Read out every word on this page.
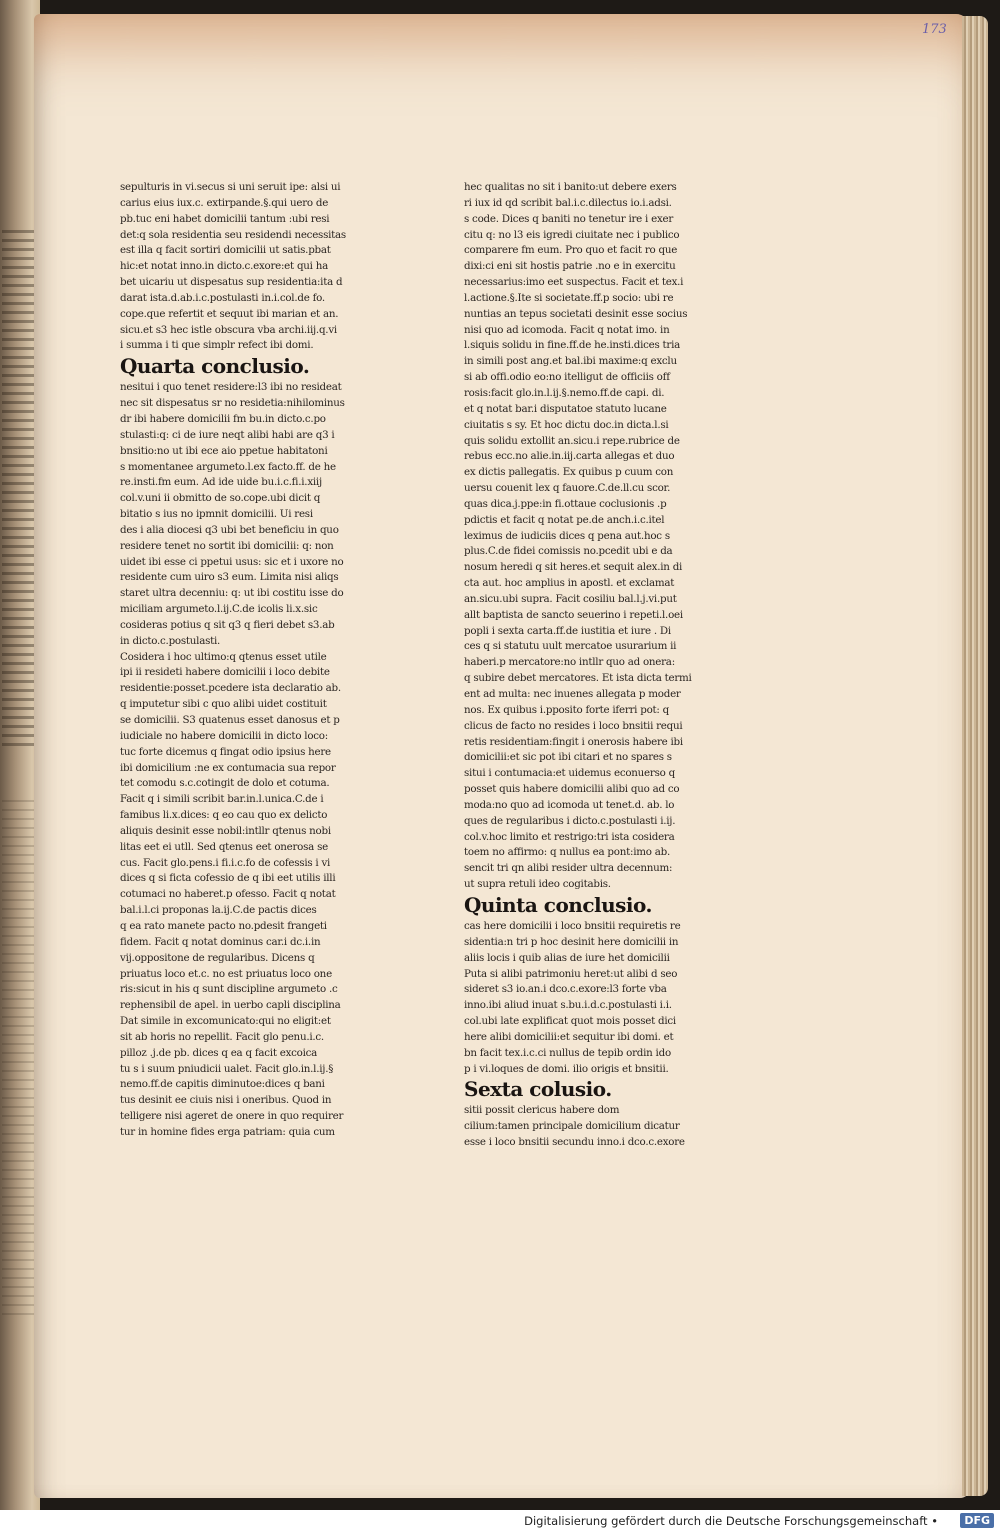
173
sepulturis in vi.secus si uni seruit ipe: alsi ui
carius eius iux.c. extirpande.§.qui uero de
pb.tuc eni habet domicilii tantum :ubi resi
det:q sola residentia seu residendi necessitas
est illa q facit sortiri domicilii ut satis.pbat
hic:et notat inno.in dicto.c.exore:et qui ha
bet uicariu ut dispesatus sup residentia:ita d
darat ista.d.ab.i.c.postulasti in.i.col.de fo.
cope.que refertit et sequut ibi marian et an.
sicu.et s3 hec istle obscura vba archi.iij.q.vi
i summa i ti que simplr refect ibi domi.
Quarta conclusio.
nesitui i quo tenet residere:l3 ibi no resideat
nec sit dispesatus sr no residetia:nihilominus
dr ibi habere domicilii fm bu.in dicto.c.po
stulasti:q: ci de iure neqt alibi habi are q3 i
bnsitio:no ut ibi ece aio ppetue habitatoni
s momentanee argumeto.l.ex facto.ff. de he
re.insti.fm eum. Ad ide uide bu.i.c.fi.i.xiij
col.v.uni ii obmitto de so.cope.ubi dicit q
bitatio s ius no ipmnit domicilii. Ui resi
des i alia diocesi q3 ubi bet beneficiu in quo
residere tenet no sortit ibi domicilii: q: non
uidet ibi esse ci ppetui usus: sic et i uxore no
residente cum uiro s3 eum. Limita nisi aliqs
staret ultra decenniu: q: ut ibi costitu isse do
miciliam argumeto.l.ij.C.de icolis li.x.sic
cosideras potius q sit q3 q fieri debet s3.ab
in dicto.c.postulasti.
Cosidera i hoc ultimo:q qtenus esset utile
ipi ii resideti habere domicilii i loco debite
residentie:posset.pcedere ista declaratio ab.
q imputetur sibi c quo alibi uidet costituit
se domicilii. S3 quatenus esset danosus et p
iudiciale no habere domicilii in dicto loco:
tuc forte dicemus q fingat odio ipsius here
ibi domicilium :ne ex contumacia sua repor
tet comodu s.c.cotingit de dolo et cotuma.
Facit q i simili scribit bar.in.l.unica.C.de i
famibus li.x.dices: q eo cau quo ex delicto
aliquis desinit esse nobil:intllr qtenus nobi
litas eet ei utll. Sed qtenus eet onerosa se
cus. Facit glo.pens.i fi.i.c.fo de cofessis i vi
dices q si ficta cofessio de q ibi eet utilis illi
cotumaci no haberet.p ofesso. Facit q notat
bal.i.l.ci proponas la.ij.C.de pactis dices
q ea rato manete pacto no.pdesit frangeti
fidem. Facit q notat dominus car.i dc.i.in
vij.oppositone de regularibus. Dicens q
priuatus loco et.c. no est priuatus loco one
ris:sicut in his q sunt discipline argumeto .c
rephensibil de apel. in uerbo capli disciplina
Dat simile in excomunicato:qui no eligit:et
sit ab horis no repellit. Facit glo penu.i.c.
pilloz .j.de pb. dices q ea q facit excoica
tu s i suum pniudicii ualet. Facit glo.in.l.ij.§
nemo.ff.de capitis diminutoe:dices q bani
tus desinit ee ciuis nisi i oneribus. Quod in
telligere nisi ageret de onere in quo requirer
tur in homine fides erga patriam: quia cum
hec qualitas no sit i banito:ut debere exers
ri iux id qd scribit bal.i.c.dilectus io.i.adsi.
s code. Dices q baniti no tenetur ire i exer
citu q: no l3 eis igredi ciuitate nec i publico
comparere fm eum. Pro quo et facit ro que
dixi:ci eni sit hostis patrie .no e in exercitu
necessarius:imo eet suspectus. Facit et tex.i
l.actione.§.Ite si societate.ff.p socio: ubi re
nuntias an tepus societati desinit esse socius
nisi quo ad icomoda. Facit q notat imo. in
l.siquis solidu in fine.ff.de he.insti.dices tria
in simili post ang.et bal.ibi maxime:q exclu
si ab offi.odio eo:no itelligut de officiis off
rosis:facit glo.in.l.ij.§.nemo.ff.de capi. di.
et q notat bar.i disputatoe statuto lucane
ciuitatis s sy. Et hoc dictu doc.in dicta.l.si
quis solidu extollit an.sicu.i repe.rubrice de
rebus ecc.no alie.in.iij.carta allegas et duo
ex dictis pallegatis. Ex quibus p cuum con
uersu couenit lex q fauore.C.de.ll.cu scor.
quas dica.j.ppe:in fi.ottaue coclusionis .p
pdictis et facit q notat pe.de anch.i.c.itel
leximus de iudiciis dices q pena aut.hoc s
plus.C.de fidei comissis no.pcedit ubi e da
nosum heredi q sit heres.et sequit alex.in di
cta aut. hoc amplius in apostl. et exclamat
an.sicu.ubi supra. Facit cosiliu bal.l.j.vi.put
allt baptista de sancto seuerino i repeti.l.oei
popli i sexta carta.ff.de iustitia et iure . Di
ces q si statutu uult mercatoe usurarium ii
haberi.p mercatore:no intllr quo ad onera:
q subire debet mercatores. Et ista dicta termi
ent ad multa: nec inuenes allegata p moder
nos. Ex quibus i.pposito forte iferri pot: q
clicus de facto no resides i loco bnsitii requi
retis residentiam:fingit i onerosis habere ibi
domicilii:et sic pot ibi citari et no spares s
situi i contumacia:et uidemus econuerso q
posset quis habere domicilii alibi quo ad co
moda:no quo ad icomoda ut tenet.d. ab. lo
ques de regularibus i dicto.c.postulasti i.ij.
col.v.hoc limito et restrigo:tri ista cosidera
toem no affirmo: q nullus ea pont:imo ab.
sencit tri qn alibi resider ultra decennum:
ut supra retuli ideo cogitabis.
Quinta conclusio.
cas here domicilii i loco bnsitii requiretis re
sidentia:n tri p hoc desinit here domicilii in
aliis locis i quib alias de iure het domicilii
Puta si alibi patrimoniu heret:ut alibi d seo
sideret s3 io.an.i dco.c.exore:l3 forte vba
inno.ibi aliud inuat s.bu.i.d.c.postulasti i.i.
col.ubi late explificat quot mois posset dici
here alibi domicilii:et sequitur ibi domi. et
bn facit tex.i.c.ci nullus de tepib ordin ido
p i vi.loques de domi. ilio origis et bnsitii.
Sexta colusio.
sitii possit clericus habere dom
cilium:tamen principale domicilium dicatur
esse i loco bnsitii secundu inno.i dco.c.exore
Digitalisierung gefördert durch die Deutsche Forschungsgemeinschaft •	DFG
